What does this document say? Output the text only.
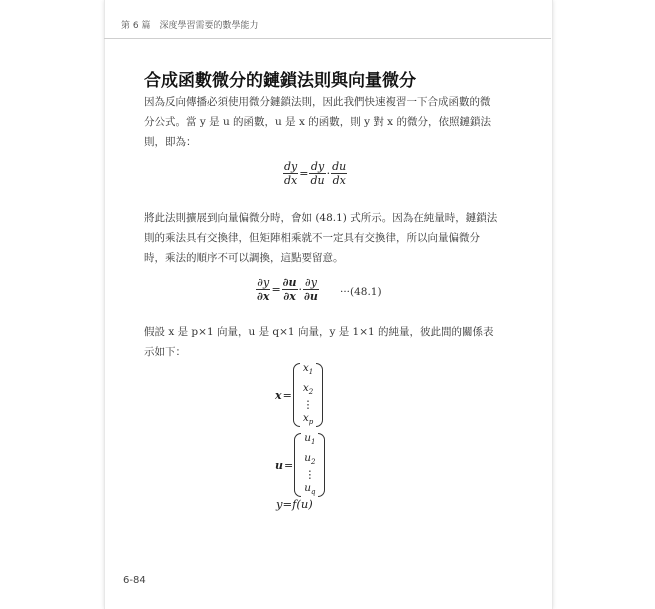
第 6 篇　深度學習需要的數學能力
合成函數微分的鏈鎖法則與向量微分
因為反向傳播必須使用微分鏈鎖法則，因此我們快速複習一下合成函數的微分公式。當 y 是 u 的函數，u 是 x 的函數，則 y 對 x 的微分，依照鏈鎖法則，即為：
$\frac{dy}{dx} = \frac{dy}{du} \cdot \frac{du}{dx}$
將此法則擴展到向量偏微分時，會如 (48.1) 式所示。因為在純量時，鏈鎖法則的乘法具有交換律，但矩陣相乘就不一定具有交換律，所以向量偏微分時，乘法的順序不可以調換，這點要留意。
$\frac{\partial y}{\partial x} = \frac{\partial u}{\partial x} \cdot \frac{\partial y}{\partial u} \cdot\cdot\cdot(48.1)$
假設 x 是 p×1 向量，u 是 q×1 向量，y 是 1×1 的純量，彼此間的關係表示如下：
x =
$x_1$
$x_2$
⋮
$x_p$
u =
$u_1$
$u_2$
⋮
$u_q$
y=f(u)
6-84
